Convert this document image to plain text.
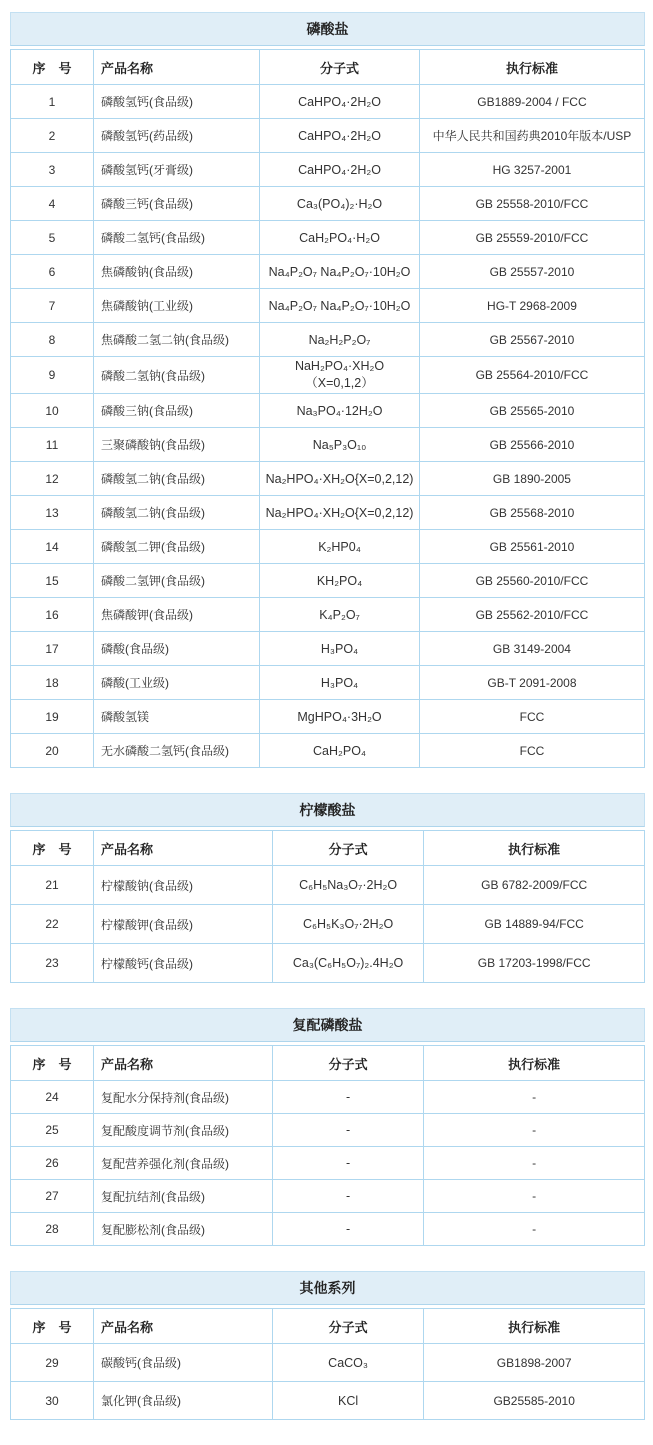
磷酸盐
序　号	产品名称	分子式	执行标准
1	磷酸氢钙(食品级)	CaHPO₄·2H₂O	GB1889-2004 / FCC
2	磷酸氢钙(药品级)	CaHPO₄·2H₂O	中华人民共和国药典2010年版本/USP
3	磷酸氢钙(牙膏级)	CaHPO₄·2H₂O	HG 3257-2001
4	磷酸三钙(食品级)	Ca₃(PO₄)₂·H₂O	GB 25558-2010/FCC
5	磷酸二氢钙(食品级)	CaH₂PO₄·H₂O	GB 25559-2010/FCC
6	焦磷酸钠(食品级)	Na₄P₂O₇ Na₄P₂O₇·10H₂O	GB 25557-2010
7	焦磷酸钠(工业级)	Na₄P₂O₇ Na₄P₂O₇·10H₂O	HG-T 2968-2009
8	焦磷酸二氢二钠(食品级)	Na₂H₂P₂O₇	GB 25567-2010
9	磷酸二氢钠(食品级)	NaH₂PO₄·XH₂O（X=0,1,2）	GB 25564-2010/FCC
10	磷酸三钠(食品级)	Na₃PO₄·12H₂O	GB 25565-2010
11	三聚磷酸钠(食品级)	Na₅P₃O₁₀	GB 25566-2010
12	磷酸氢二钠(食品级)	Na₂HPO₄·XH₂O{X=0,2,12)	GB 1890-2005
13	磷酸氢二钠(食品级)	Na₂HPO₄·XH₂O{X=0,2,12)	GB 25568-2010
14	磷酸氢二钾(食品级)	K₂HP0₄	GB 25561-2010
15	磷酸二氢钾(食品级)	KH₂PO₄	GB 25560-2010/FCC
16	焦磷酸钾(食品级)	K₄P₂O₇	GB 25562-2010/FCC
17	磷酸(食品级)	H₃PO₄	GB 3149-2004
18	磷酸(工业级)	H₃PO₄	GB-T 2091-2008
19	磷酸氢镁	MgHPO₄·3H₂O	FCC
20	无水磷酸二氢钙(食品级)	CaH₂PO₄	FCC
柠檬酸盐
序　号	产品名称	分子式	执行标准
21	柠檬酸钠(食品级)	C₆H₅Na₃O₇·2H₂O	GB 6782-2009/FCC
22	柠檬酸钾(食品级)	C₆H₅K₃O₇·2H₂O	GB 14889-94/FCC
23	柠檬酸钙(食品级)	Ca₃(C₆H₅O₇)₂.4H₂O	GB 17203-1998/FCC
复配磷酸盐
序　号	产品名称	分子式	执行标准
24	复配水分保持剂(食品级)	-	-
25	复配酸度调节剂(食品级)	-	-
26	复配营养强化剂(食品级)	-	-
27	复配抗结剂(食品级)	-	-
28	复配膨松剂(食品级)	-	-
其他系列
序　号	产品名称	分子式	执行标准
29	碳酸钙(食品级)	CaCO₃	GB1898-2007
30	氯化钾(食品级)	KCl	GB25585-2010
